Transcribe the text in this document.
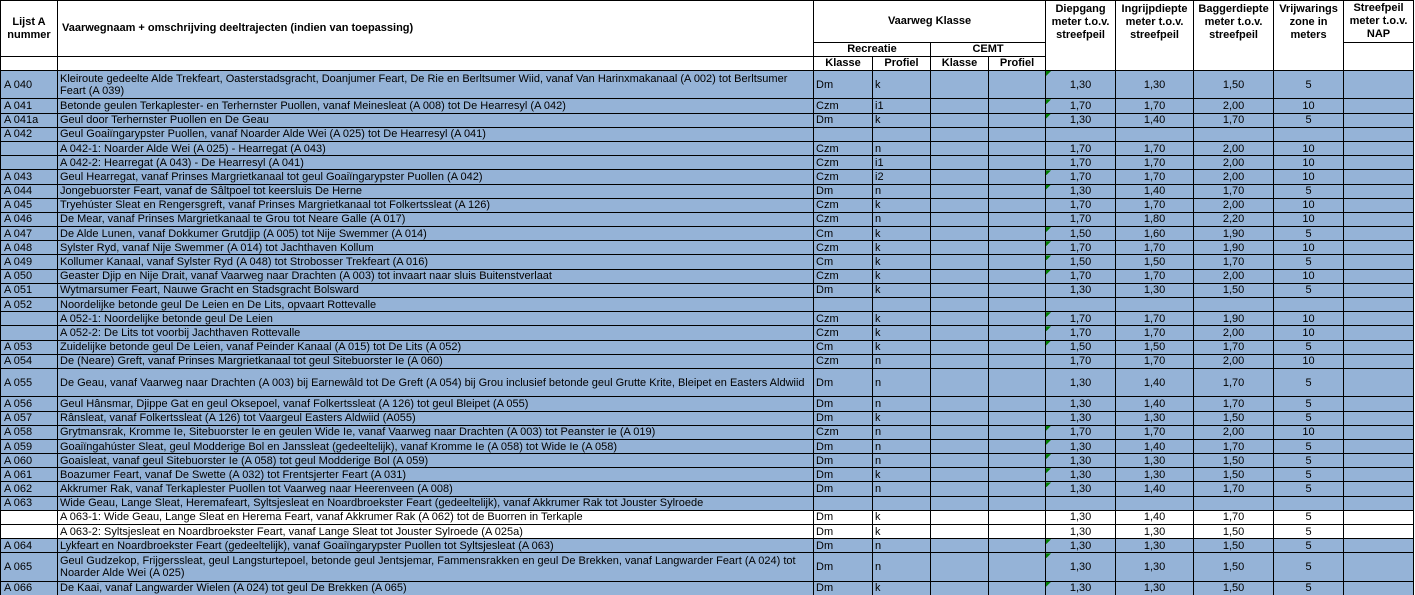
Lijst A nummer	Vaarwegnaam + omschrijving deeltrajecten (indien van toepassing)	Vaarweg Klasse				Diepgang meter t.o.v. streefpeil	Ingrijpdiepte meter t.o.v. streefpeil	Baggerdiepte meter t.o.v. streefpeil	Vrijwarings zone in meters	Streefpeil meter t.o.v. NAP
		Recreatie		CEMT						
		Klasse	Profiel	Klasse	Profiel					
A 040	Kleiroute gedeelte Alde Trekfeart, Oasterstadsgracht, Doanjumer Feart, De Rie en Berltsumer Wiid, vanaf Van Harinxmakanaal (A 002) tot Berltsumer Feart (A 039)	Dm	k			1,30	1,30	1,50	5	
A 041	Betonde geulen Terkaplester- en Terhernster Puollen, vanaf Meinesleat (A 008) tot De Hearresyl (A 042)	Czm	i1			1,70	1,70	2,00	10	
A 041a	Geul door Terhernster Puollen en De Geau	Dm	k			1,30	1,40	1,70	5	
A 042	Geul Goaiïngarypster Puollen, vanaf Noarder Alde Wei (A 025) tot De Hearresyl (A 041)									
	A 042-1: Noarder Alde Wei (A 025) - Hearregat (A 043)	Czm	n			1,70	1,70	2,00	10	
	A 042-2: Hearregat (A 043) - De Hearresyl (A 041)	Czm	i1			1,70	1,70	2,00	10	
A 043	Geul Hearregat, vanaf Prinses Margrietkanaal tot geul Goaiïngarypster Puollen (A 042)	Czm	i2			1,70	1,70	2,00	10	
A 044	Jongebuorster Feart, vanaf de Sâltpoel tot keersluis De Herne	Dm	n			1,30	1,40	1,70	5	
A 045	Tryehúster Sleat en Rengersgreft, vanaf Prinses Margrietkanaal tot Folkertssleat (A 126)	Czm	k			1,70	1,70	2,00	10	
A 046	De Mear, vanaf Prinses Margrietkanaal te Grou tot Neare Galle (A 017)	Czm	n			1,70	1,80	2,20	10	
A 047	De Alde Lunen, vanaf Dokkumer Grutdjip (A 005) tot Nije Swemmer (A 014)	Cm	k			1,50	1,60	1,90	5	
A 048	Sylster Ryd, vanaf Nije Swemmer (A 014) tot Jachthaven Kollum	Czm	k			1,70	1,70	1,90	10	
A 049	Kollumer Kanaal, vanaf Sylster Ryd (A 048) tot Strobosser Trekfeart (A 016)	Cm	k			1,50	1,50	1,70	5	
A 050	Geaster Djip en Nije Drait, vanaf Vaarweg naar Drachten (A 003) tot invaart naar sluis Buitenstverlaat	Czm	k			1,70	1,70	2,00	10	
A 051	Wytmarsumer Feart, Nauwe Gracht en Stadsgracht Bolsward	Dm	k			1,30	1,30	1,50	5	
A 052	Noordelijke betonde geul De Leien en De Lits, opvaart Rottevalle									
	A 052-1: Noordelijke betonde geul De Leien	Czm	k			1,70	1,70	1,90	10	
	A 052-2: De Lits tot voorbij Jachthaven Rottevalle	Czm	k			1,70	1,70	2,00	10	
A 053	Zuidelijke betonde geul De Leien, vanaf Peinder Kanaal (A 015) tot De Lits (A 052)	Cm	k			1,50	1,50	1,70	5	
A 054	De (Neare) Greft, vanaf Prinses Margrietkanaal tot geul Sitebuorster Ie (A 060)	Czm	n			1,70	1,70	2,00	10	
A 055	De Geau, vanaf Vaarweg naar Drachten (A 003) bij Earnewâld tot De Greft (A 054) bij Grou inclusief betonde geul Grutte Krite, Bleipet en Easters Aldwiid	Dm	n			1,30	1,40	1,70	5	
A 056	Geul Hânsmar, Djippe Gat en geul Oksepoel, vanaf Folkertssleat (A 126) tot geul Bleipet (A 055)	Dm	n			1,30	1,40	1,70	5	
A 057	Rânsleat, vanaf Folkertssleat (A 126) tot Vaargeul Easters Aldwiid (A055)	Dm	k			1,30	1,30	1,50	5	
A 058	Grytmansrak, Kromme Ie, Sitebuorster Ie en geulen Wide Ie, vanaf Vaarweg naar Drachten (A 003) tot Peanster Ie (A 019)	Czm	n			1,70	1,70	2,00	10	
A 059	Goaiïngahúster Sleat, geul Modderige Bol en Janssleat (gedeeltelijk), vanaf Kromme Ie (A 058) tot Wide Ie (A 058)	Dm	n			1,30	1,40	1,70	5	
A 060	Goaisleat, vanaf geul Sitebuorster Ie (A 058) tot geul Modderige Bol (A 059)	Dm	n			1,30	1,30	1,50	5	
A 061	Boazumer Feart, vanaf De Swette (A 032) tot Frentsjerter Feart (A 031)	Dm	k			1,30	1,30	1,50	5	
A 062	Akkrumer Rak, vanaf Terkaplester Puollen tot Vaarweg naar Heerenveen (A 008)	Dm	n			1,30	1,40	1,70	5	
A 063	Wide Geau, Lange Sleat, Heremafeart, Syltsjesleat en Noardbroekster Feart (gedeeltelijk), vanaf Akkrumer Rak tot Jouster Sylroede									
	A 063-1: Wide Geau, Lange Sleat en Herema Feart, vanaf Akkrumer Rak (A 062) tot de Buorren in Terkaple	Dm	k			1,30	1,40	1,70	5	
	A 063-2: Syltsjesleat en Noardbroekster Feart, vanaf Lange Sleat tot Jouster Sylroede (A 025a)	Dm	k			1,30	1,30	1,50	5	
A 064	Lykfeart en Noardbroekster Feart (gedeeltelijk), vanaf Goaiïngarypster Puollen tot Syltsjesleat (A 063)	Dm	n			1,30	1,30	1,50	5	
A 065	Geul Gudzekop, Frijgerssleat, geul Langsturtepoel, betonde geul Jentsjemar, Fammensrakken en geul De Brekken, vanaf Langwarder Feart (A 024) tot Noarder Alde Wei (A 025)	Dm	n			1,30	1,30	1,50	5	
A 066	De Kaai, vanaf Langwarder Wielen (A 024) tot geul De Brekken (A 065)	Dm	k			1,30	1,30	1,50	5	
